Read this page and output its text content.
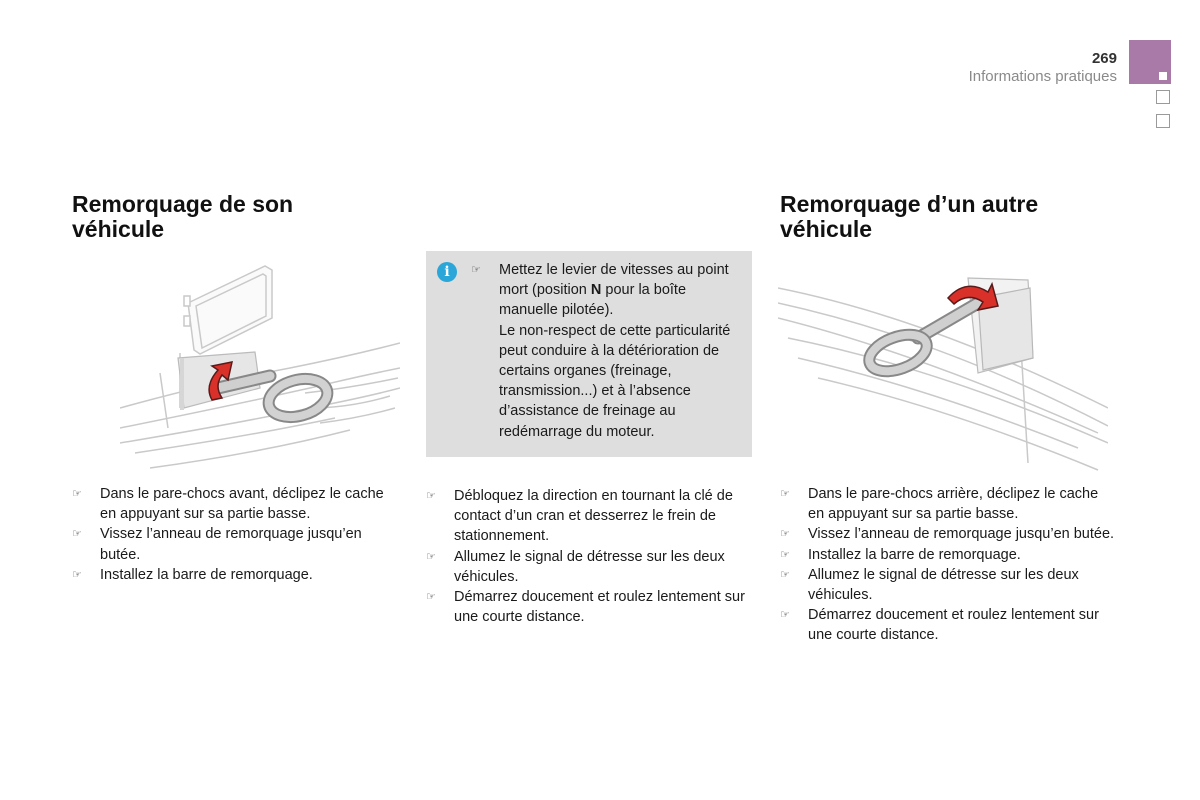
269
Informations pratiques
Remorquage de son véhicule
Remorquage d’un autre véhicule
i
☞ Mettez le levier de vitesses au point mort (position N pour la boîte manuelle pilotée).
Le non-respect de cette particularité peut conduire à la détérioration de certains organes (freinage, transmission...) et à l’absence d’assistance de freinage au redémarrage du moteur.
☞ Dans le pare-chocs avant, déclipez le cache en appuyant sur sa partie basse.
☞ Vissez l’anneau de remorquage jusqu’en butée.
☞ Installez la barre de remorquage.
☞ Débloquez la direction en tournant la clé de contact d’un cran et desserrez le frein de stationnement.
☞ Allumez le signal de détresse sur les deux véhicules.
☞ Démarrez doucement et roulez lentement sur une courte distance.
☞ Dans le pare-chocs arrière, déclipez le cache en appuyant sur sa partie basse.
☞ Vissez l’anneau de remorquage jusqu’en butée.
☞ Installez la barre de remorquage.
☞ Allumez le signal de détresse sur les deux véhicules.
☞ Démarrez doucement et roulez lentement sur une courte distance.
